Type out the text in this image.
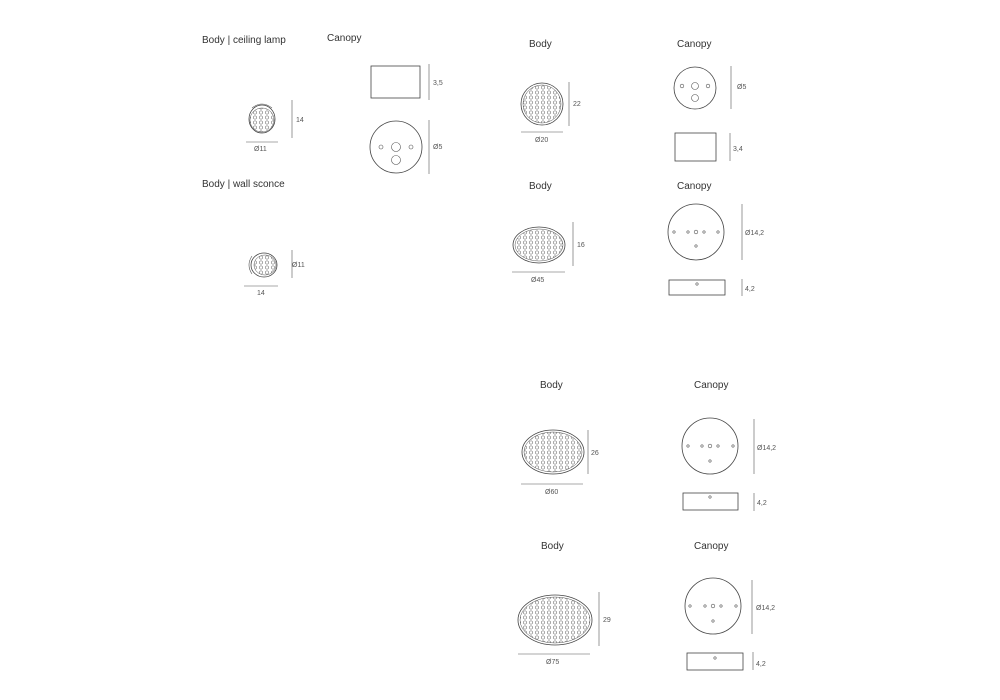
Body | ceiling lamp	Canopy
14
Ø11
3,5
Ø5
Body | wall sconce
Ø11
14
Body	Canopy
22
Ø20
Ø5
3,4
Body	Canopy
16
Ø45
Ø14,2
4,2
Body	Canopy
26
Ø60
Ø14,2
4,2
Body	Canopy
29
Ø75
Ø14,2
4,2
